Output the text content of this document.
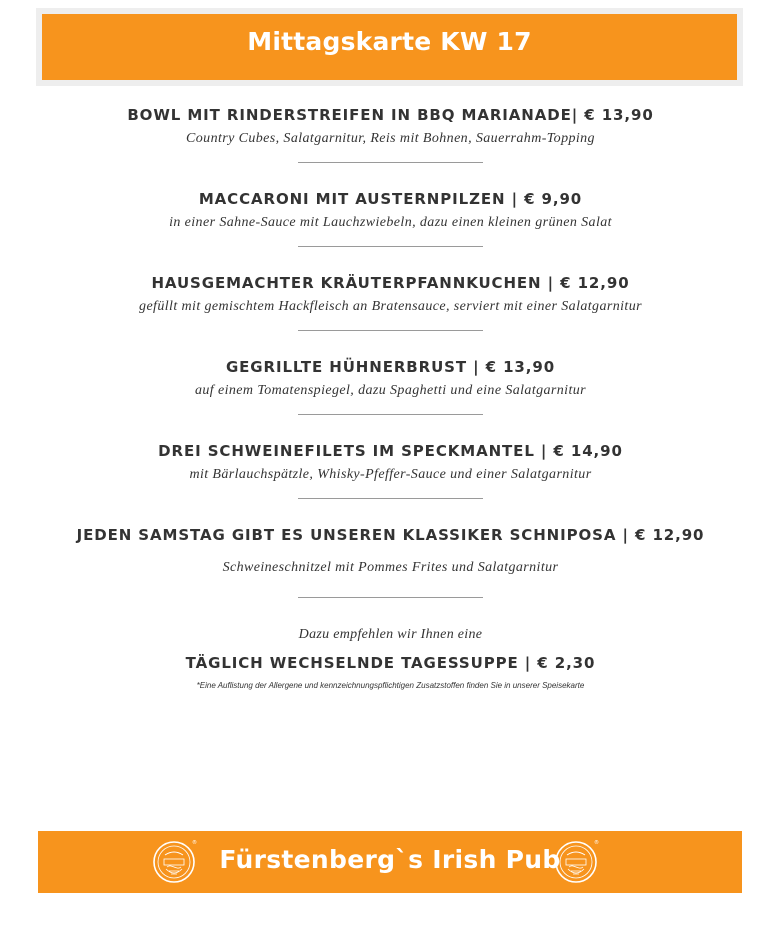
Mittagskarte KW 17
BOWL MIT RINDERSTREIFEN IN BBQ MARIANADE| € 13,90
Country Cubes, Salatgarnitur, Reis mit Bohnen, Sauerrahm-Topping
MACCARONI MIT AUSTERNPILZEN | € 9,90
in einer Sahne-Sauce mit Lauchzwiebeln, dazu einen kleinen grünen Salat
HAUSGEMACHTER KRÄUTERPFANNKUCHEN | € 12,90
gefüllt mit gemischtem Hackfleisch an Bratensauce, serviert mit einer Salatgarnitur
GEGRILLTE HÜHNERBRUST | € 13,90
auf einem Tomatenspiegel, dazu Spaghetti und eine Salatgarnitur
DREI SCHWEINEFILETS IM SPECKMANTEL | € 14,90
mit Bärlauchspätzle, Whisky-Pfeffer-Sauce und einer Salatgarnitur
JEDEN SAMSTAG GIBT ES UNSEREN KLASSIKER SCHNIPOSA | € 12,90
Schweineschnitzel mit Pommes Frites und Salatgarnitur
Dazu empfehlen wir Ihnen eine
TÄGLICH WECHSELNDE TAGESSUPPE | € 2,30
*Eine Auflistung der Allergene und kennzeichnungspflichtigen Zusatzstoffen finden Sie in unserer Speisekarte
®
Fürstenberg`s Irish Pub
®
